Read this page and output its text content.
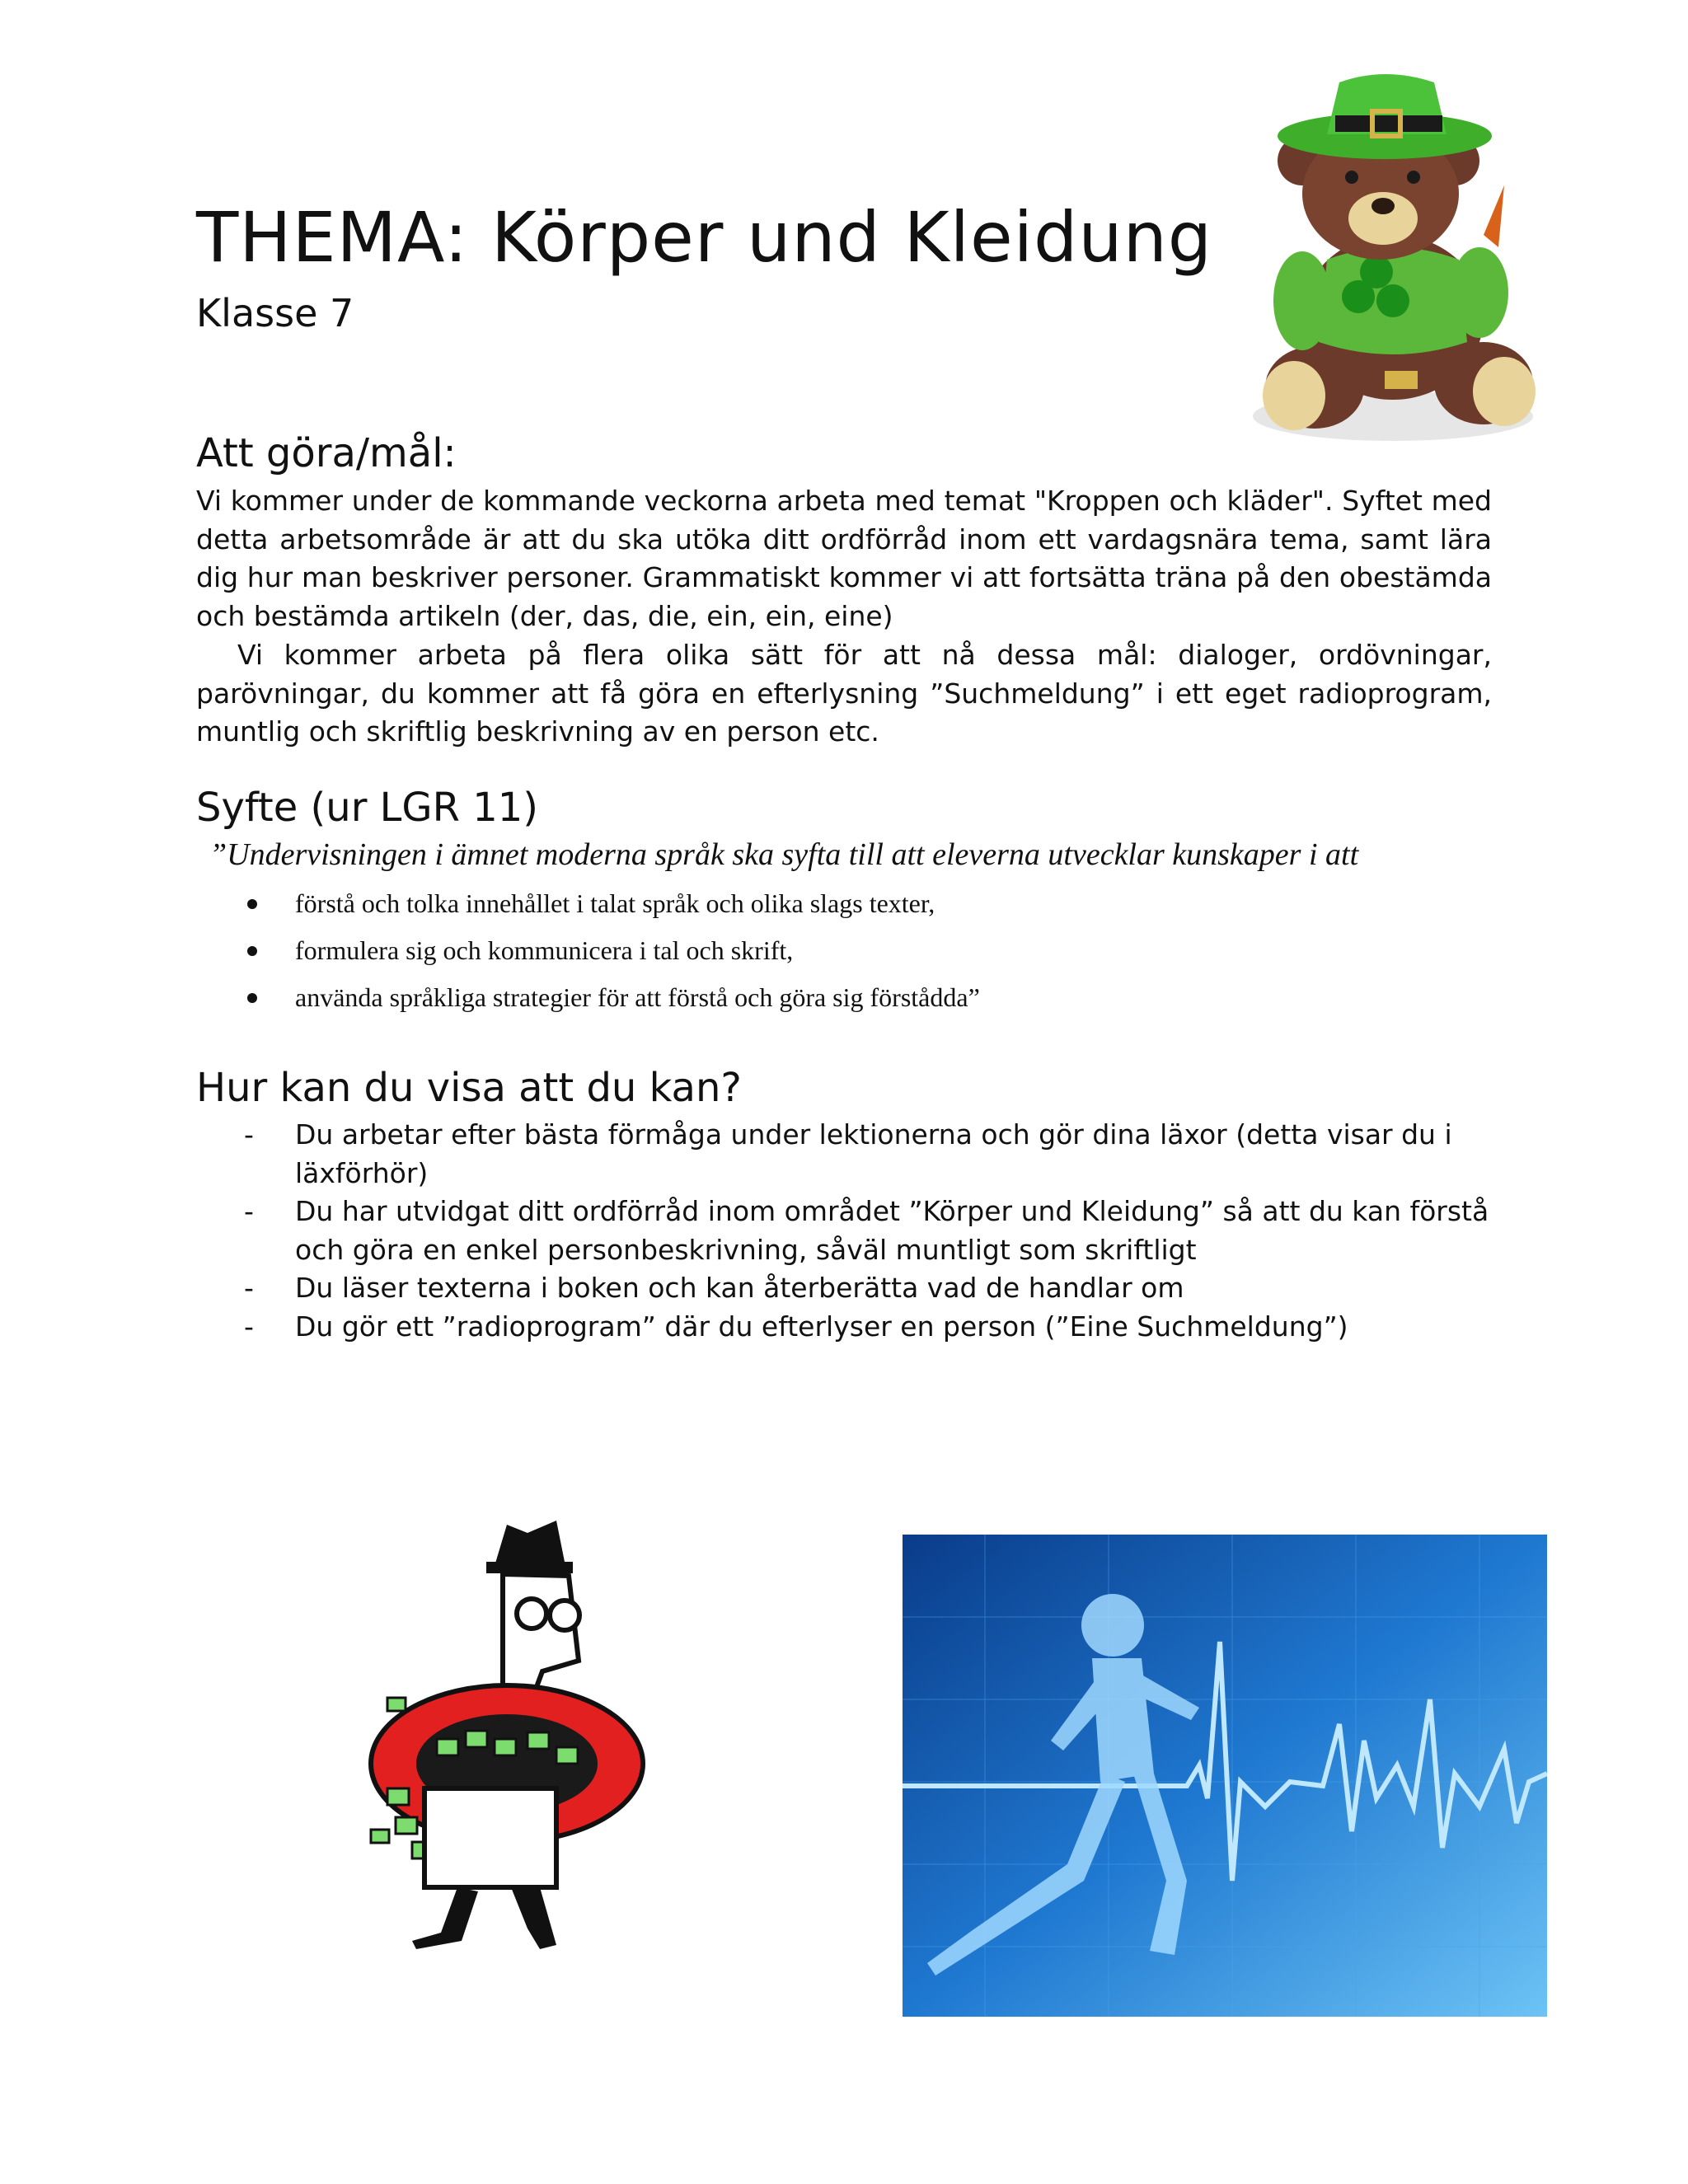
THEMA: Körper und Kleidung
Klasse 7
Att göra/mål:

Vi kommer under de kommande veckorna arbeta med temat "Kroppen och kläder". Syftet med detta arbetsområde är att du ska utöka ditt ordförråd inom ett vardagsnära tema, samt lära dig hur man beskriver personer. Grammatiskt kommer vi att fortsätta träna på den obestämda och bestämda artikeln (der, das, die, ein, ein, eine)

Vi kommer arbeta på flera olika sätt för att nå dessa mål: dialoger, ordövningar, parövningar, du kommer att få göra en efterlysning ”Suchmeldung” i ett eget radioprogram, muntlig och skriftlig beskrivning av en person etc.

Syfte (ur LGR 11)
”Undervisningen i ämnet moderna språk ska syfta till att eleverna utvecklar kunskaper i att
förstå och tolka innehållet i talat språk och olika slags texter,
formulera sig och kommunicera i tal och skrift,
använda språkliga strategier för att förstå och göra sig förstådda”
Hur kan du visa att du kan?
- Du arbetar efter bästa förmåga under lektionerna och gör dina läxor (detta visar du i läxförhör)
- Du har utvidgat ditt ordförråd inom området ”Körper und Kleidung” så att du kan förstå och göra en enkel personbeskrivning, såväl muntligt som skriftligt
- Du läser texterna i boken och kan återberätta vad de handlar om
- Du gör ett ”radioprogram” där du efterlyser en person (”Eine Suchmeldung”)
